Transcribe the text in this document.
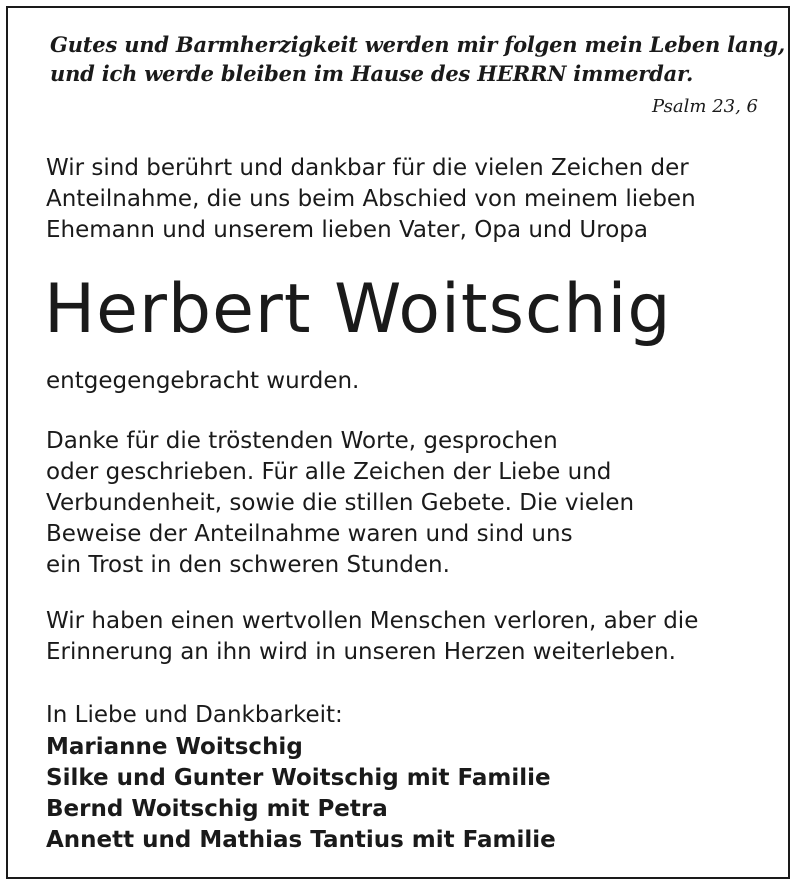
Gutes und Barmherzigkeit werden mir folgen mein Leben lang,
und ich werde bleiben im Hause des HERRN immerdar.
Psalm 23, 6
Wir sind berührt und dankbar für die vielen Zeichen der
Anteilnahme, die uns beim Abschied von meinem lieben
Ehemann und unserem lieben Vater, Opa und Uropa
Herbert Woitschig
entgegengebracht wurden.
Danke für die tröstenden Worte, gesprochen
oder geschrieben. Für alle Zeichen der Liebe und
Verbundenheit, sowie die stillen Gebete. Die vielen
Beweise der Anteilnahme waren und sind uns
ein Trost in den schweren Stunden.
Wir haben einen wertvollen Menschen verloren, aber die
Erinnerung an ihn wird in unseren Herzen weiterleben.
In Liebe und Dankbarkeit:
Marianne Woitschig
Silke und Gunter Woitschig mit Familie
Bernd Woitschig mit Petra
Annett und Mathias Tantius mit Familie
